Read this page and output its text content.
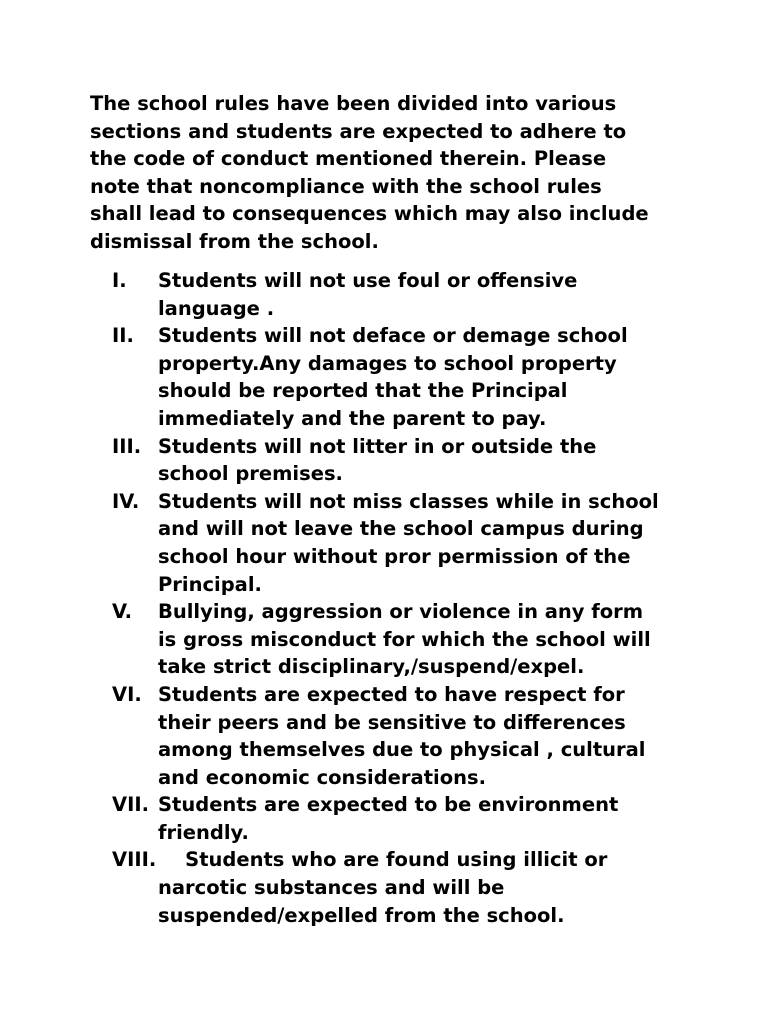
The school rules have been divided into various
sections and students are expected to adhere to
the code of conduct mentioned therein. Please
note that noncompliance with the school rules
shall lead to consequences which may also include
dismissal from the school.

I. Students will not use foul or offensive
language .
II. Students will not deface or demage school
property.Any damages to school property
should be reported that the Principal
immediately and the parent to pay.
III. Students will not litter in or outside the
school premises.
IV. Students will not miss classes while in school
and will not leave the school campus during
school hour without pror permission of the
Principal.
V. Bullying, aggression or violence in any form
is gross misconduct for which the school will
take strict disciplinary,/suspend/expel.
VI. Students are expected to have respect for
their peers and be sensitive to differences
among themselves due to physical , cultural
and economic considerations.
VII. Students are expected to be environment
friendly.
VIII. Students who are found using illicit or
narcotic substances and will be
suspended/expelled from the school.
